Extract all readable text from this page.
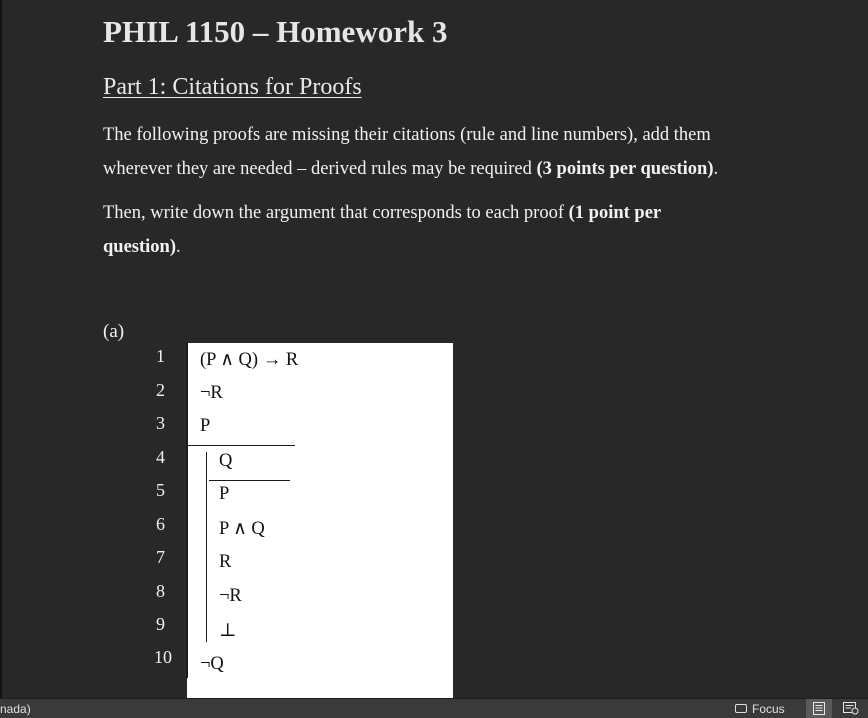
PHIL 1150 – Homework 3
Part 1: Citations for Proofs

The following proofs are missing their citations (rule and line numbers), add them wherever they are needed – derived rules may be required (3 points per question).

Then, write down the argument that corresponds to each proof (1 point per question).

(a)
1
2
3
4
5
6
7
8
9
10
(P ∧ Q) → R
¬R
P
Q
P
P ∧ Q
R
¬R
⊥
¬Q
nada)	Focus
